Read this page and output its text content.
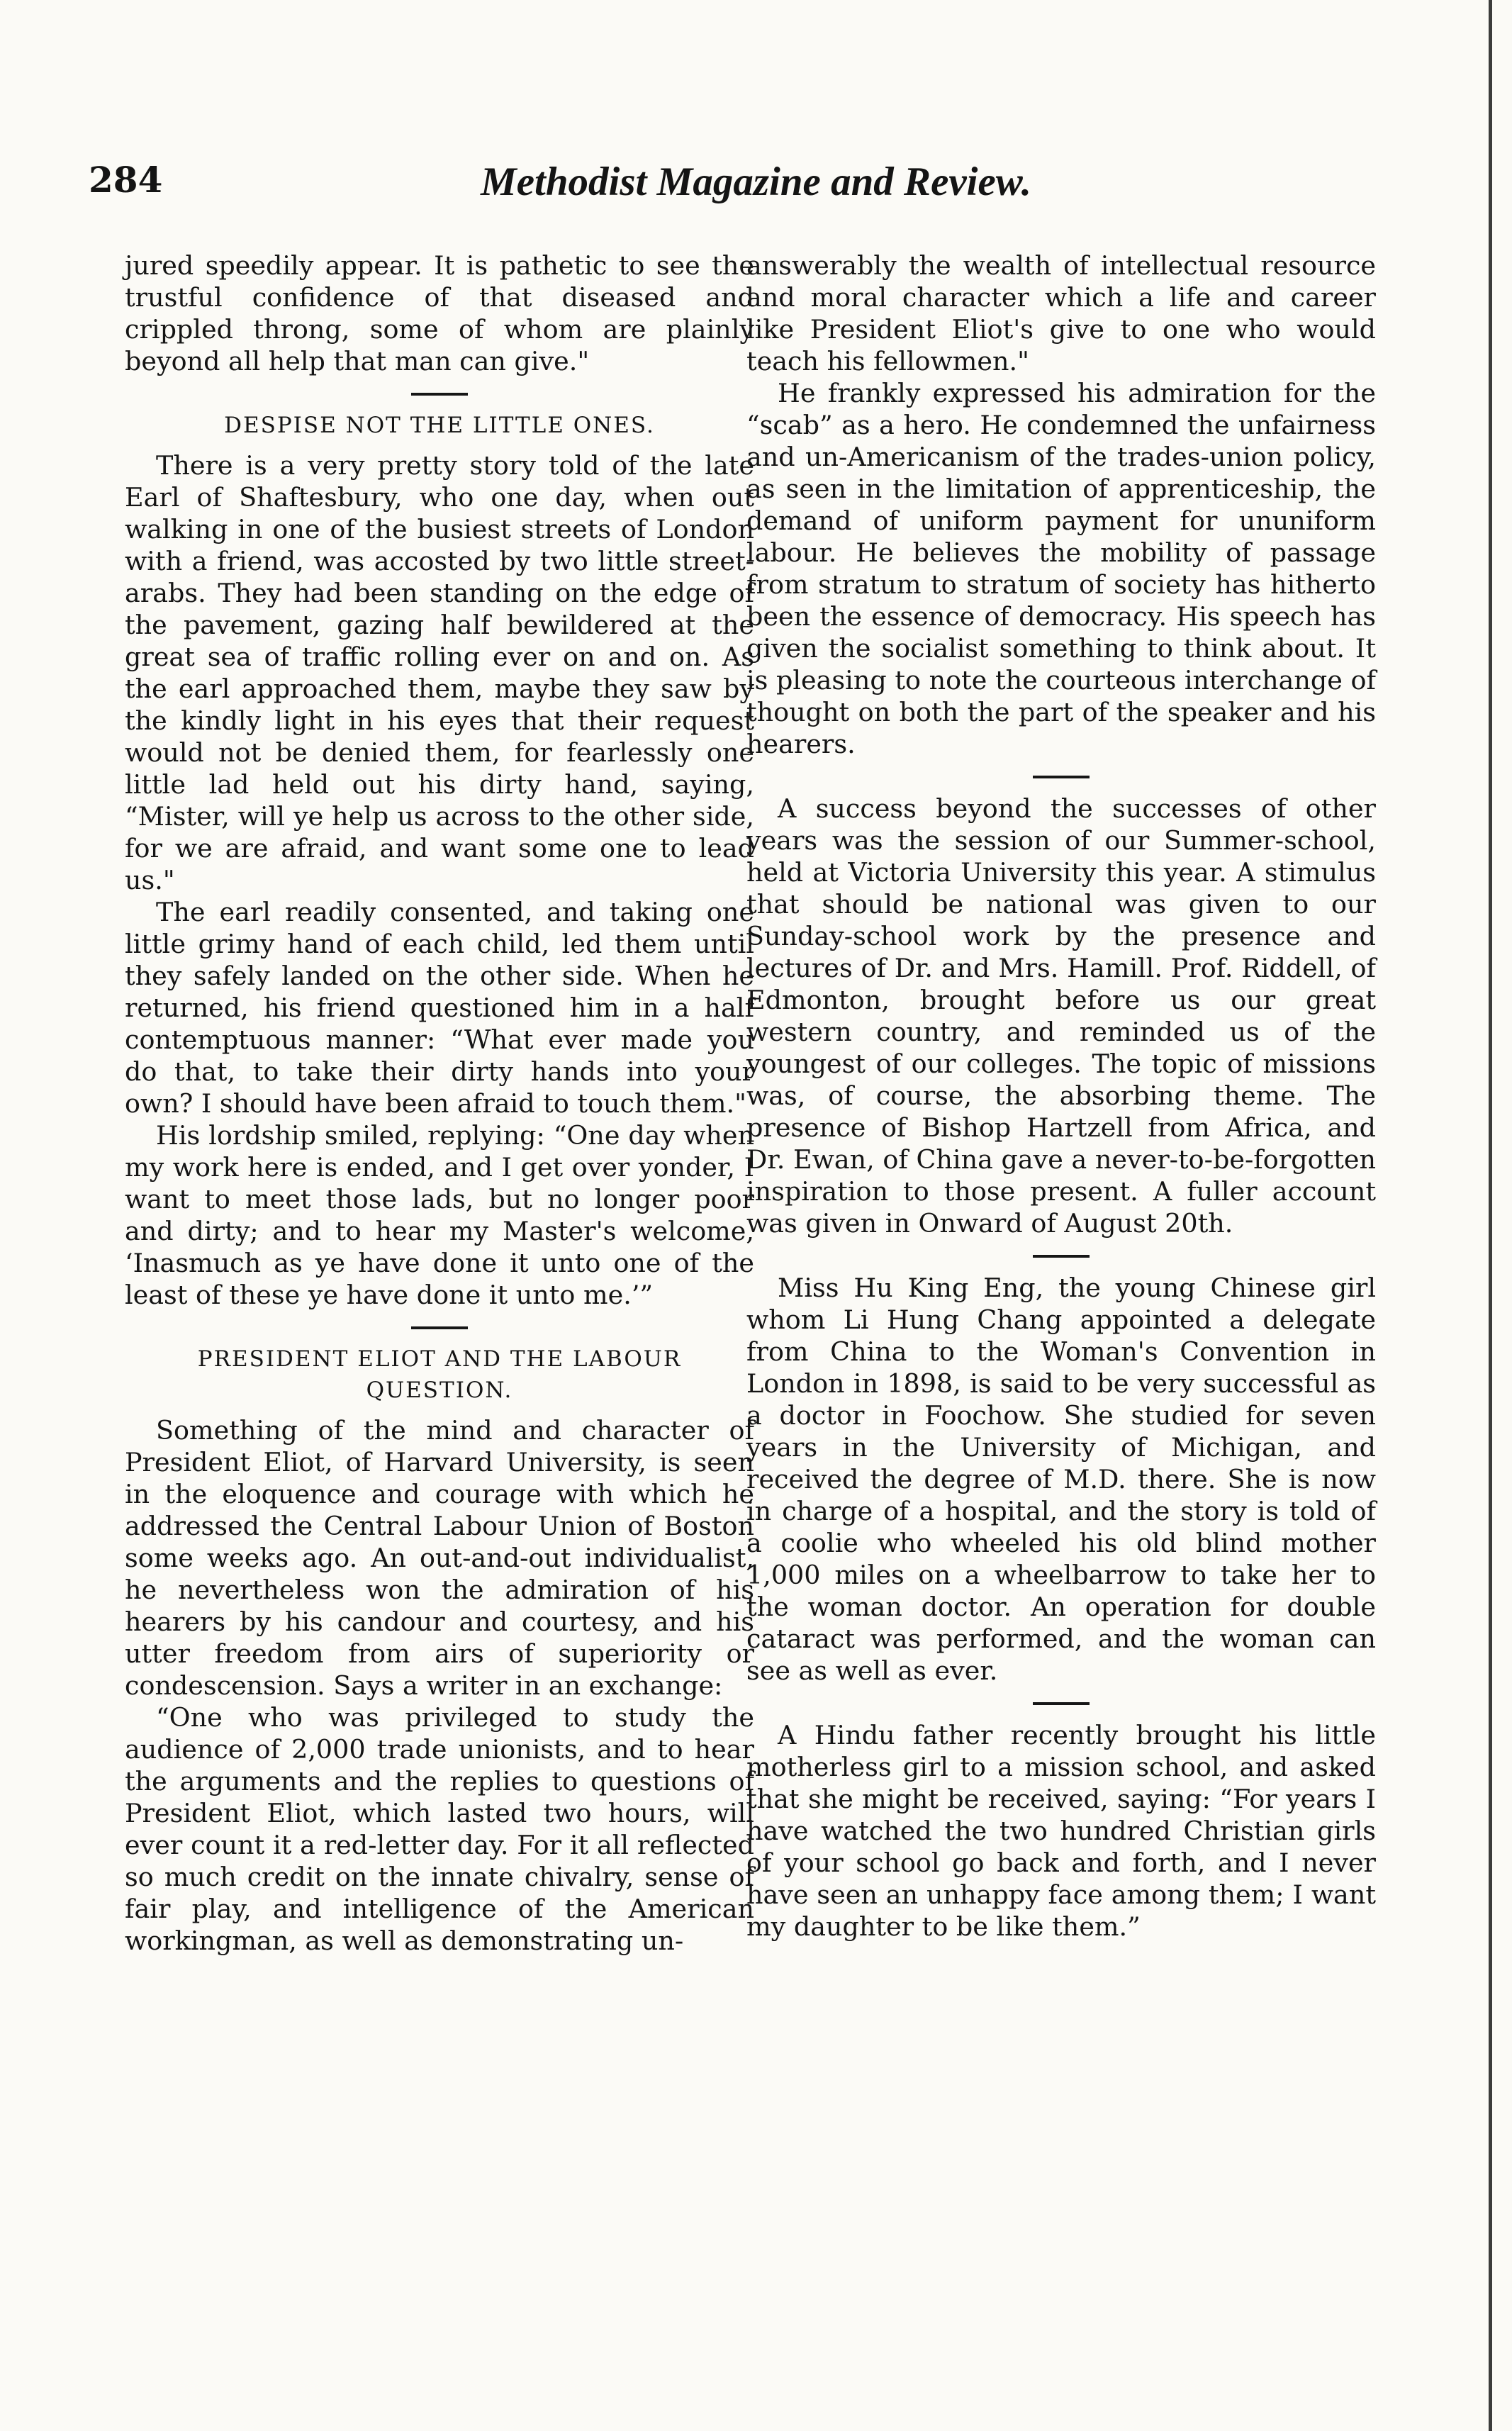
284	Methodist Magazine and Review.

jured speedily appear. It is pathetic to see the trustful confidence of that diseased and crippled throng, some of whom are plainly beyond all help that man can give."

DESPISE NOT THE LITTLE ONES.

There is a very pretty story told of the late Earl of Shaftesbury, who one day, when out walking in one of the busiest streets of London with a friend, was accosted by two little street-arabs. They had been standing on the edge of the pavement, gazing half bewildered at the great sea of traffic rolling ever on and on. As the earl approached them, maybe they saw by the kindly light in his eyes that their request would not be denied them, for fearlessly one little lad held out his dirty hand, saying, “Mister, will ye help us across to the other side, for we are afraid, and want some one to lead us."

The earl readily consented, and taking one little grimy hand of each child, led them until they safely landed on the other side. When he returned, his friend questioned him in a half contemptuous manner: “What ever made you do that, to take their dirty hands into your own? I should have been afraid to touch them."

His lordship smiled, replying: “One day when my work here is ended, and I get over yonder, I want to meet those lads, but no longer poor and dirty; and to hear my Master's welcome, ‘Inasmuch as ye have done it unto one of the least of these ye have done it unto me.’”

PRESIDENT ELIOT AND THE LABOUR QUESTION.

Something of the mind and character of President Eliot, of Harvard University, is seen in the eloquence and courage with which he addressed the Central Labour Union of Boston some weeks ago. An out-and-out individualist, he nevertheless won the admiration of his hearers by his candour and courtesy, and his utter freedom from airs of superiority or condescension. Says a writer in an exchange:

“One who was privileged to study the audience of 2,000 trade unionists, and to hear the arguments and the replies to questions of President Eliot, which lasted two hours, will ever count it a red-letter day. For it all reflected so much credit on the innate chivalry, sense of fair play, and intelligence of the American workingman, as well as demonstrating un-

answerably the wealth of intellectual resource and moral character which a life and career like President Eliot's give to one who would teach his fellowmen."

He frankly expressed his admiration for the “scab” as a hero. He condemned the unfairness and un-Americanism of the trades-union policy, as seen in the limitation of apprenticeship, the demand of uniform payment for ununiform labour. He believes the mobility of passage from stratum to stratum of society has hitherto been the essence of democracy. His speech has given the socialist something to think about. It is pleasing to note the courteous interchange of thought on both the part of the speaker and his hearers.

A success beyond the successes of other years was the session of our Summer-school, held at Victoria University this year. A stimulus that should be national was given to our Sunday-school work by the presence and lectures of Dr. and Mrs. Hamill. Prof. Riddell, of Edmonton, brought before us our great western country, and reminded us of the youngest of our colleges. The topic of missions was, of course, the absorbing theme. The presence of Bishop Hartzell from Africa, and Dr. Ewan, of China gave a never-to-be-forgotten inspiration to those present. A fuller account was given in Onward of August 20th.

Miss Hu King Eng, the young Chinese girl whom Li Hung Chang appointed a delegate from China to the Woman's Convention in London in 1898, is said to be very successful as a doctor in Foochow. She studied for seven years in the University of Michigan, and received the degree of M.D. there. She is now in charge of a hospital, and the story is told of a coolie who wheeled his old blind mother 1,000 miles on a wheelbarrow to take her to the woman doctor. An operation for double cataract was performed, and the woman can see as well as ever.

A Hindu father recently brought his little motherless girl to a mission school, and asked that she might be received, saying: “For years I have watched the two hundred Christian girls of your school go back and forth, and I never have seen an unhappy face among them; I want my daughter to be like them.”
